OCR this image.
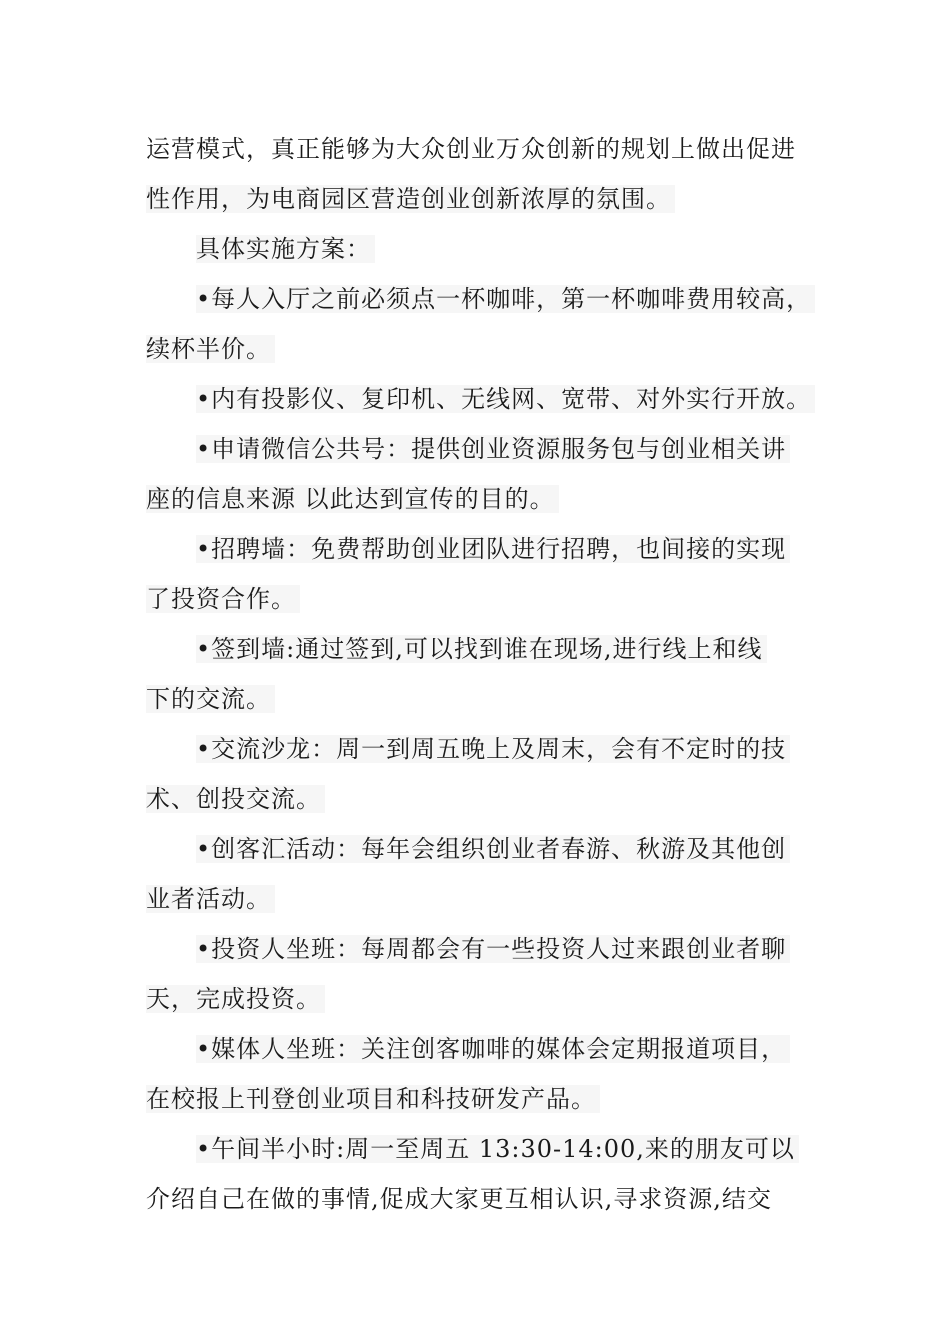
运营模式，真正能够为大众创业万众创新的规划上做出促进
性作用，为电商园区营造创业创新浓厚的氛围。
具体实施方案：
•每人入厅之前必须点一杯咖啡，第一杯咖啡费用较高，
续杯半价。
•内有投影仪、复印机、无线网、宽带、对外实行开放。
•申请微信公共号：提供创业资源服务包与创业相关讲
座的信息来源 以此达到宣传的目的。
•招聘墙：免费帮助创业团队进行招聘，也间接的实现
了投资合作。
•签到墙:通过签到,可以找到谁在现场,进行线上和线
下的交流。
•交流沙龙：周一到周五晚上及周末，会有不定时的技
术、创投交流。
•创客汇活动：每年会组织创业者春游、秋游及其他创
业者活动。
•投资人坐班：每周都会有一些投资人过来跟创业者聊
天，完成投资。
•媒体人坐班：关注创客咖啡的媒体会定期报道项目，
在校报上刊登创业项目和科技研发产品。
•午间半小时:周一至周五 13:30-14:00,来的朋友可以
介绍自己在做的事情,促成大家更互相认识,寻求资源,结交
